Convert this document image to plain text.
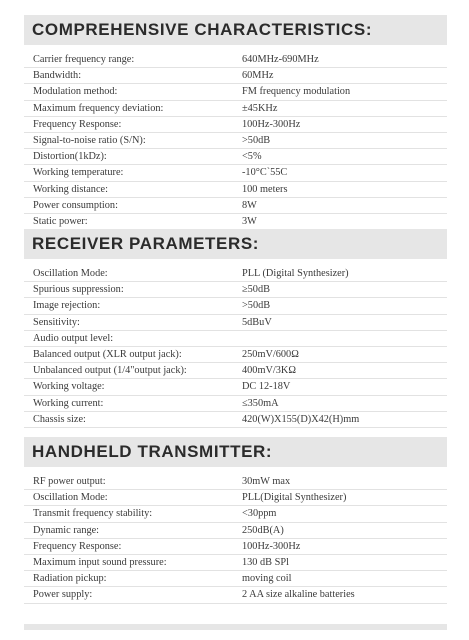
COMPREHENSIVE CHARACTERISTICS:
Carrier frequency range:	640MHz-690MHz
Bandwidth:	60MHz
Modulation method:	FM frequency modulation
Maximum frequency deviation:	±45KHz
Frequency Response:	100Hz-300Hz
Signal-to-noise ratio (S/N):	>50dB
Distortion(1kDz):	<5%
Working temperature:	-10°C`55C
Working distance:	100 meters
Power consumption:	8W
Static power:	3W
RECEIVER PARAMETERS:
Oscillation Mode:	PLL (Digital Synthesizer)
Spurious suppression:	≥50dB
Image rejection:	>50dB
Sensitivity:	5dBuV
Audio output level:
Balanced output (XLR output jack):	250mV/600Ω
Unbalanced output (1/4"output jack):	400mV/3KΩ
Working voltage:	DC 12-18V
Working current:	≤350mA
Chassis size:	420(W)X155(D)X42(H)mm
HANDHELD TRANSMITTER:
RF power output:	30mW max
Oscillation Mode:	PLL(Digital Synthesizer)
Transmit frequency stability:	<30ppm
Dynamic range:	250dB(A)
Frequency Response:	100Hz-300Hz
Maximum input sound pressure:	130 dB SPl
Radiation pickup:	moving coil
Power supply:	2 AA size alkaline batteries
